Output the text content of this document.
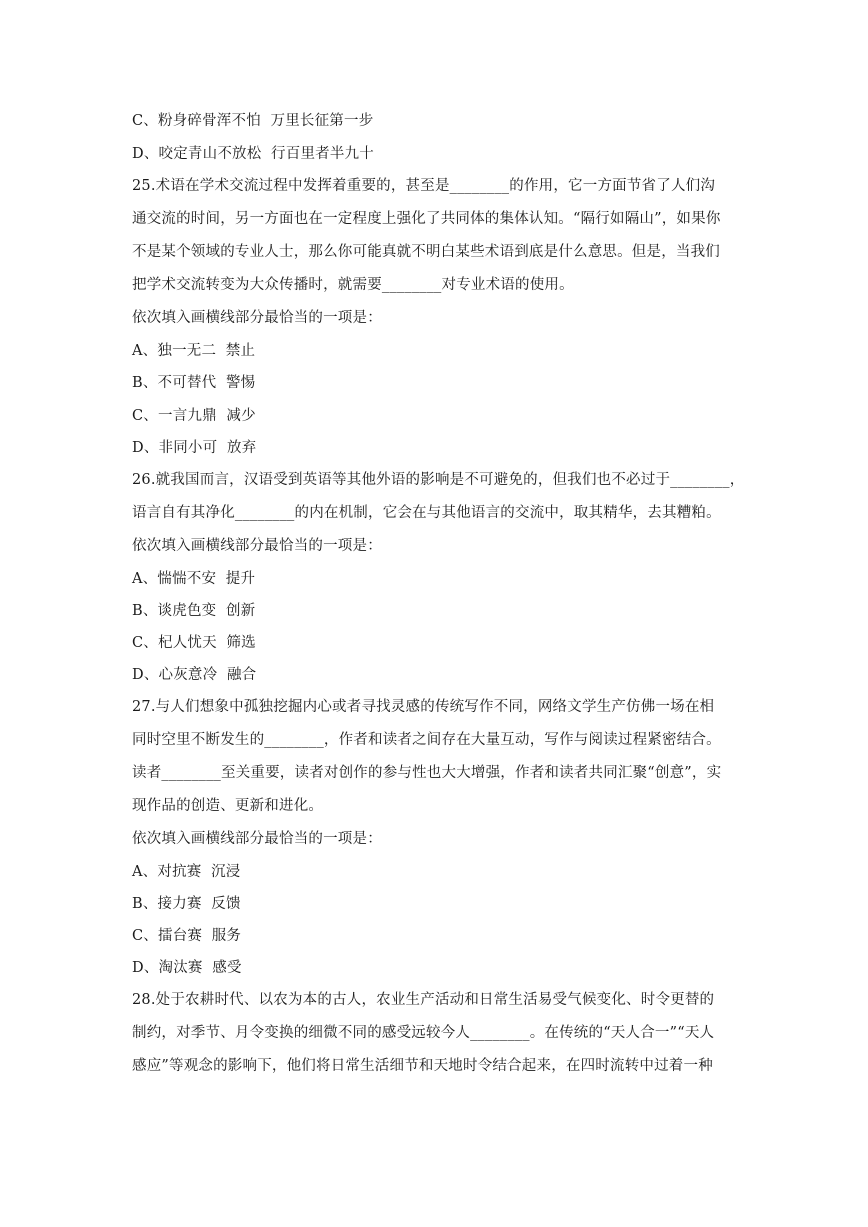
C、粉身碎骨浑不怕  万里长征第一步
D、咬定青山不放松  行百里者半九十
25.术语在学术交流过程中发挥着重要的，甚至是________的作用，它一方面节省了人们沟
通交流的时间，另一方面也在一定程度上强化了共同体的集体认知。“隔行如隔山”，如果你
不是某个领域的专业人士，那么你可能真就不明白某些术语到底是什么意思。但是，当我们
把学术交流转变为大众传播时，就需要________对专业术语的使用。
依次填入画横线部分最恰当的一项是：
A、独一无二  禁止
B、不可替代  警惕
C、一言九鼎  减少
D、非同小可  放弃
26.就我国而言，汉语受到英语等其他外语的影响是不可避免的，但我们也不必过于________，
语言自有其净化________的内在机制，它会在与其他语言的交流中，取其精华，去其糟粕。
依次填入画横线部分最恰当的一项是：
A、惴惴不安  提升
B、谈虎色变  创新
C、杞人忧天  筛选
D、心灰意冷  融合
27.与人们想象中孤独挖掘内心或者寻找灵感的传统写作不同，网络文学生产仿佛一场在相
同时空里不断发生的________，作者和读者之间存在大量互动，写作与阅读过程紧密结合。
读者________至关重要，读者对创作的参与性也大大增强，作者和读者共同汇聚“创意”，实
现作品的创造、更新和进化。
依次填入画横线部分最恰当的一项是：
A、对抗赛  沉浸
B、接力赛  反馈
C、擂台赛  服务
D、淘汰赛  感受
28.处于农耕时代、以农为本的古人，农业生产活动和日常生活易受气候变化、时令更替的
制约，对季节、月令变换的细微不同的感受远较今人________。在传统的“天人合一”“天人
感应”等观念的影响下，他们将日常生活细节和天地时令结合起来，在四时流转中过着一种
